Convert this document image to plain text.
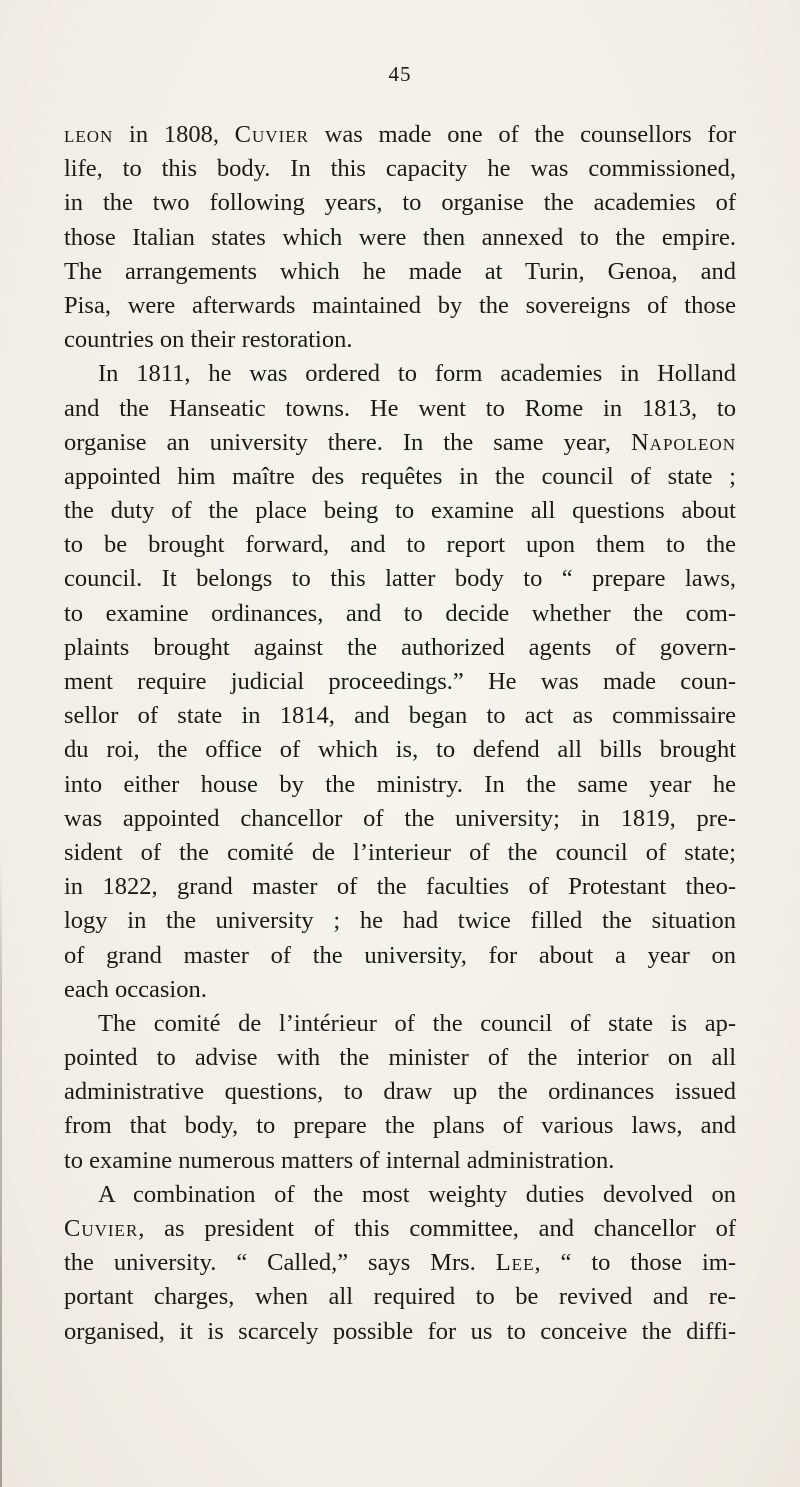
45
leon in 1808, Cuvier was made one of the counsellors for
life, to this body. In this capacity he was commissioned,
in the two following years, to organise the academies of
those Italian states which were then annexed to the empire.
The arrangements which he made at Turin, Genoa, and
Pisa, were afterwards maintained by the sovereigns of those
countries on their restoration.
In 1811, he was ordered to form academies in Holland
and the Hanseatic towns. He went to Rome in 1813, to
organise an university there. In the same year, Napoleon
appointed him maître des requêtes in the council of state ;
the duty of the place being to examine all questions about
to be brought forward, and to report upon them to the
council. It belongs to this latter body to “ prepare laws,
to examine ordinances, and to decide whether the com-
plaints brought against the authorized agents of govern-
ment require judicial proceedings.” He was made coun-
sellor of state in 1814, and began to act as commissaire
du roi, the office of which is, to defend all bills brought
into either house by the ministry. In the same year he
was appointed chancellor of the university; in 1819, pre-
sident of the comité de l’interieur of the council of state;
in 1822, grand master of the faculties of Protestant theo-
logy in the university ; he had twice filled the situation
of grand master of the university, for about a year on
each occasion.
The comité de l’intérieur of the council of state is ap-
pointed to advise with the minister of the interior on all
administrative questions, to draw up the ordinances issued
from that body, to prepare the plans of various laws, and
to examine numerous matters of internal administration.
A combination of the most weighty duties devolved on
Cuvier, as president of this committee, and chancellor of
the university. “ Called,” says Mrs. Lee, “ to those im-
portant charges, when all required to be revived and re-
organised, it is scarcely possible for us to conceive the diffi-
